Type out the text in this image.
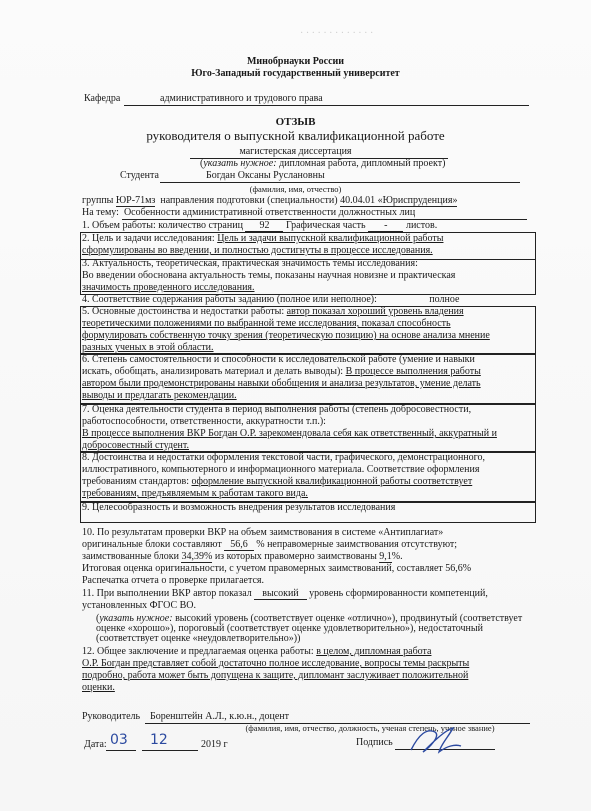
· · · · · · · · · · · · ·
Минобрнауки России
Юго-Западный государственный университет
Кафедра	административного и трудового права
ОТЗЫВ
руководителя о выпускной квалификационной работе
магистерская диссертация
(указать нужное: дипломная работа, дипломный проект)
Студента	Богдан Оксаны Руслановны
(фамилия, имя, отчество)
группы ЮР-71мз направления подготовки (специальности) 40.04.01 «Юриспруденция»
На тему: Особенности административной ответственности должностных лиц
1. Объем работы: количество страниц 92 Графическая часть - листов.
2. Цель и задачи исследования: Цель и задачи выпускной квалификационной работы
сформулированы во введении, и полностью достигнуты в процессе исследования.
3. Актуальность, теоретическая, практическая значимость темы исследования:
Во введении обоснована актуальность темы, показаны научная новизне и практическая
значимость проведенного исследования.
4. Соответствие содержания работы заданию (полное или неполное):	полное
5. Основные достоинства и недостатки работы: автор показал хороший уровень владения
теоретическими положениями по выбранной теме исследования, показал способность
формулировать собственную точку зрения (теоретическую позицию) на основе анализа мнение
разных ученых в этой области.
6. Степень самостоятельности и способности к исследовательской работе (умение и навыки
искать, обобщать, анализировать материал и делать выводы): В процессе выполнения работы
автором были продемонстрированы навыки обобщения и анализа результатов, умение делать
выводы и предлагать рекомендации.
7. Оценка деятельности студента в период выполнения работы (степень добросовестности,
работоспособности, ответственности, аккуратности т.п.):
В процессе выполнения ВКР Богдан О.Р. зарекомендовала себя как ответственный, аккуратный и
добросовестный студент.
8. Достоинства и недостатки оформления текстовой части, графического, демонстрационного,
иллюстративного, компьютерного и информационного материала. Соответствие оформления
требованиям стандартов: оформление выпускной квалификационной работы соответствует
требованиям, предъявляемым к работам такого вида.
9. Целесообразность и возможность внедрения результатов исследования
10. По результатам проверки ВКР на объем заимствования в системе «Антиплагиат»
оригинальные блоки составляют 56,6 % неправомерные заимствования отсутствуют;
заимствованные блоки 34,39% из которых правомерно заимствованы 9,1%.
Итоговая оценка оригинальности, с учетом правомерных заимствований, составляет 56,6%
Распечатка отчета о проверке прилагается.
11. При выполнении ВКР автор показал высокий уровень сформированности компетенций,
установленных ФГОС ВО.
(указать нужное: высокий уровень (соответствует оценке «отлично»), продвинутый (соответствует
оценке «хорошо»), пороговый (соответствует оценке удовлетворительно»), недостаточный
(соответствует оценке «неудовлетворительно»))
12. Общее заключение и предлагаемая оценка работы: в целом, дипломная работа
О.Р. Богдан представляет собой достаточно полное исследование, вопросы темы раскрыты
подробно, работа может быть допущена к защите, дипломант заслуживает положительной
оценки.
Руководитель Боренштейн А.Л., к.ю.н., доцент
(фамилия, имя, отчество, должность, ученая степень, ученое звание)
Дата: 03 12	2019 г	Подпись
